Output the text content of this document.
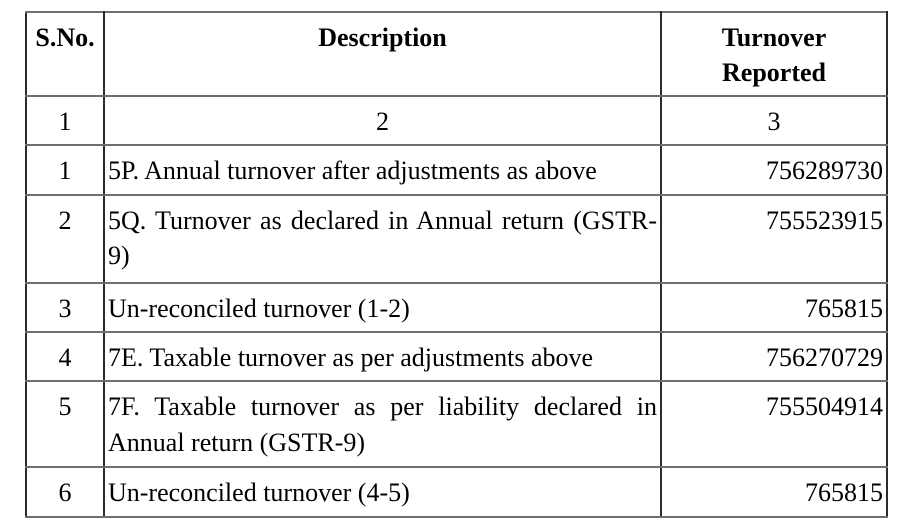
S.No.	Description	Turnover Reported

1	2	3
1	5P. Annual turnover after adjustments as above	756289730
2	5Q. Turnover as declared in Annual return (GSTR-9)	755523915
3	Un-reconciled turnover (1-2)	765815
4	7E. Taxable turnover as per adjustments above	756270729
5	7F. Taxable turnover as per liability declared in Annual return (GSTR-9)	755504914
6	Un-reconciled turnover (4-5)	765815
